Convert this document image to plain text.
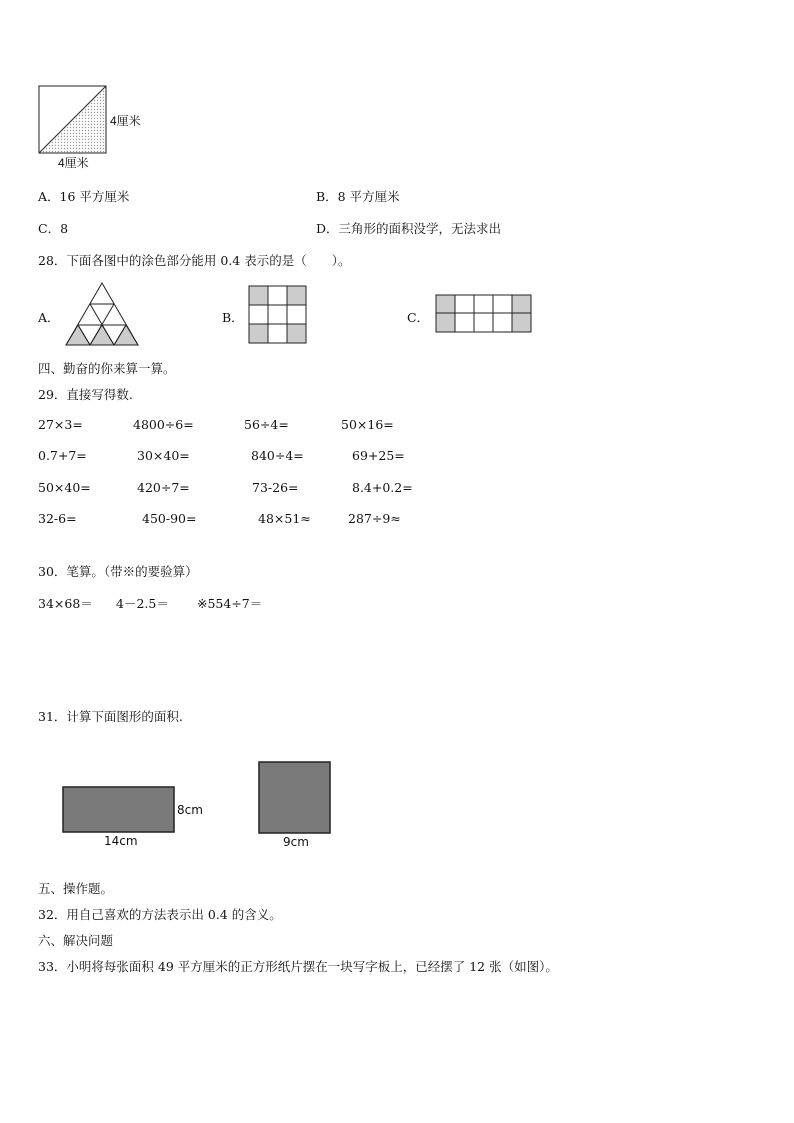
4厘米
4厘米
A．16 平方厘米	B．8 平方厘米
C．8	D．三角形的面积没学，无法求出
28．下面各图中的涂色部分能用 0.4 表示的是（　　）。
A．	B．	C．
四、勤奋的你来算一算。
29．直接写得数.
27×3=	4800÷6=	56÷4=	50×16=
0.7+7=	30×40=	840÷4=	69+25=
50×40=	420÷7=	73-26=	8.4+0.2=
32-6=	450-90=	48×51≈	287÷9≈
30．笔算。（带※的要验算）
34×68＝ 4－2.5＝ ※554÷7＝
31．计算下面图形的面积.
8cm
14cm	9cm
五、操作题。
32．用自己喜欢的方法表示出 0.4 的含义。
六、解决问题
33．小明将每张面积 49 平方厘米的正方形纸片摆在一块写字板上，已经摆了 12 张（如图）。
